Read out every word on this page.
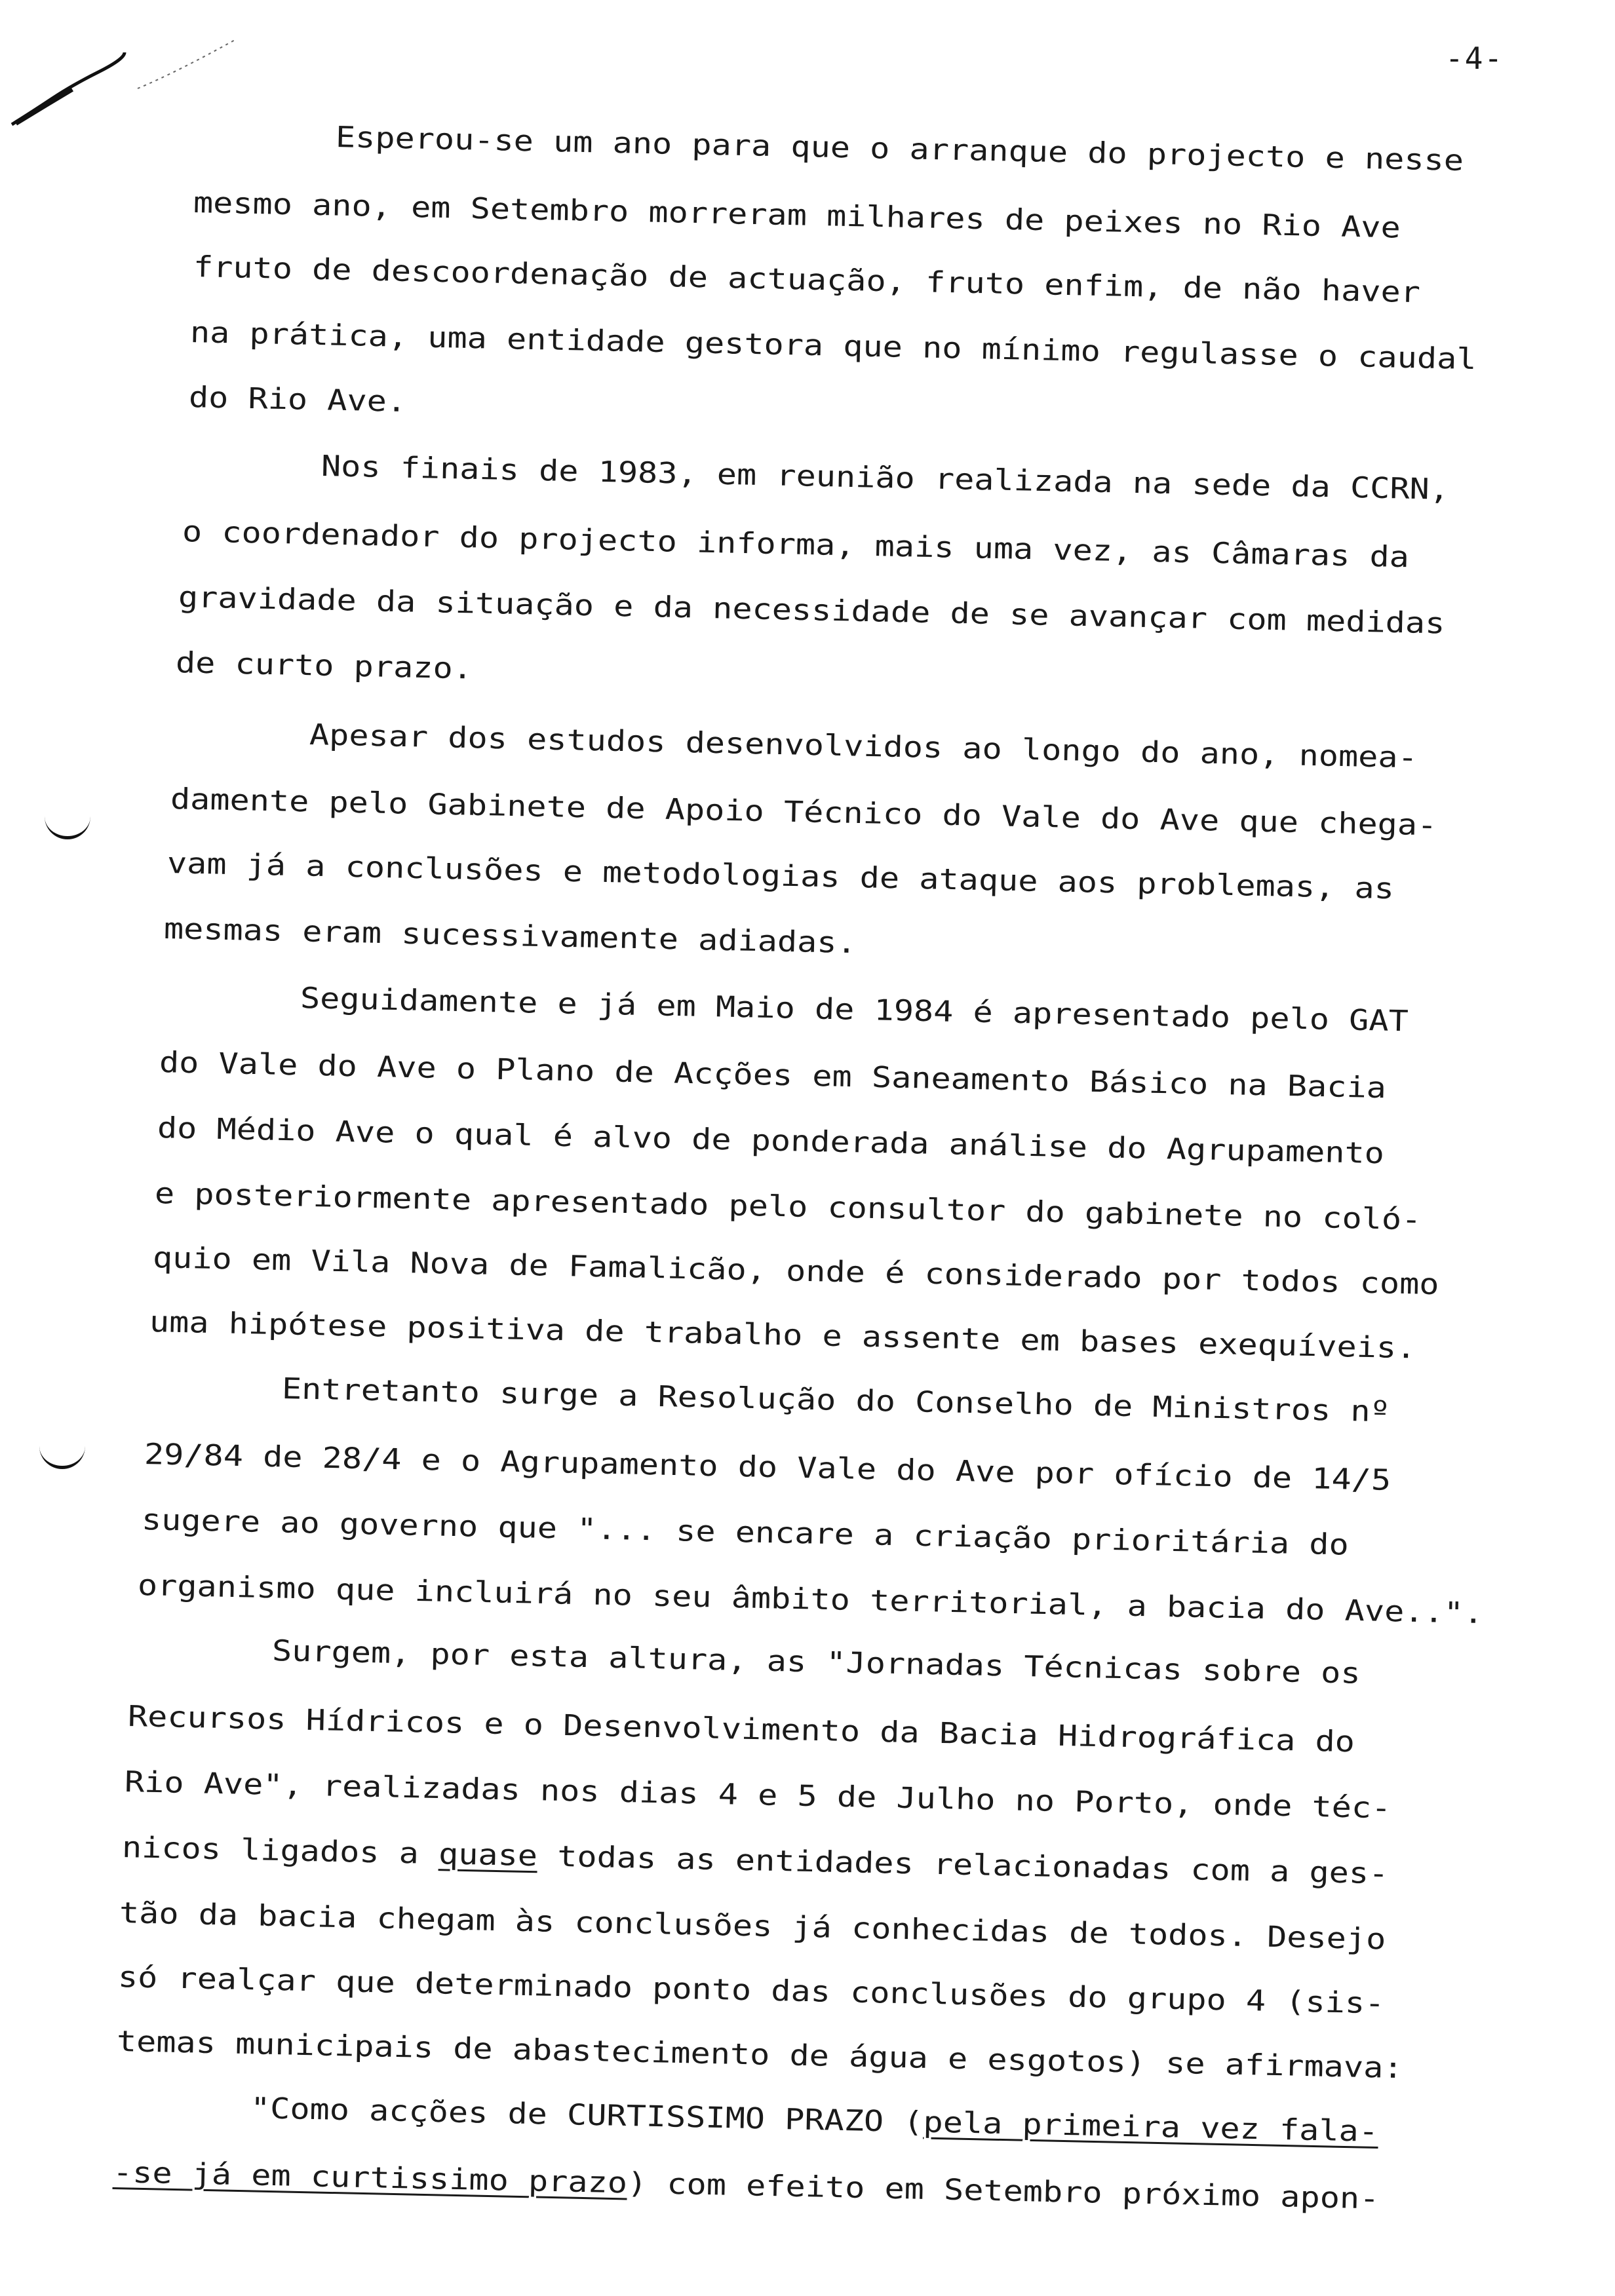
-4-
Esperou-se um ano para que o arranque do projecto e nesse
mesmo ano, em Setembro morreram milhares de peixes no Rio Ave
fruto de descoordenação de actuação, fruto enfim, de não haver
na prática, uma entidade gestora que no mínimo regulasse o caudal
do Rio Ave.
Nos finais de 1983, em reunião realizada na sede da CCRN,
o coordenador do projecto informa, mais uma vez, as Câmaras da
gravidade da situação e da necessidade de se avançar com medidas
de curto prazo.
Apesar dos estudos desenvolvidos ao longo do ano, nomea-
damente pelo Gabinete de Apoio Técnico do Vale do Ave que chega-
vam já a conclusões e metodologias de ataque aos problemas, as
mesmas eram sucessivamente adiadas.
Seguidamente e já em Maio de 1984 é apresentado pelo GAT
do Vale do Ave o Plano de Acções em Saneamento Básico na Bacia
do Médio Ave o qual é alvo de ponderada análise do Agrupamento
e posteriormente apresentado pelo consultor do gabinete no coló-
quio em Vila Nova de Famalicão, onde é considerado por todos como
uma hipótese positiva de trabalho e assente em bases exequíveis.
Entretanto surge a Resolução do Conselho de Ministros nº
29/84 de 28/4 e o Agrupamento do Vale do Ave por ofício de 14/5
sugere ao governo que "... se encare a criação prioritária do
organismo que incluirá no seu âmbito territorial, a bacia do Ave..".
Surgem, por esta altura, as "Jornadas Técnicas sobre os
Recursos Hídricos e o Desenvolvimento da Bacia Hidrográfica do
Rio Ave", realizadas nos dias 4 e 5 de Julho no Porto, onde téc-
nicos ligados a quase todas as entidades relacionadas com a ges-
tão da bacia chegam às conclusões já conhecidas de todos. Desejo
só realçar que determinado ponto das conclusões do grupo 4 (sis-
temas municipais de abastecimento de água e esgotos) se afirmava:
"Como acções de CURTISSIMO PRAZO (pela primeira vez fala-
-se já em curtissimo prazo) com efeito em Setembro próximo apon-
